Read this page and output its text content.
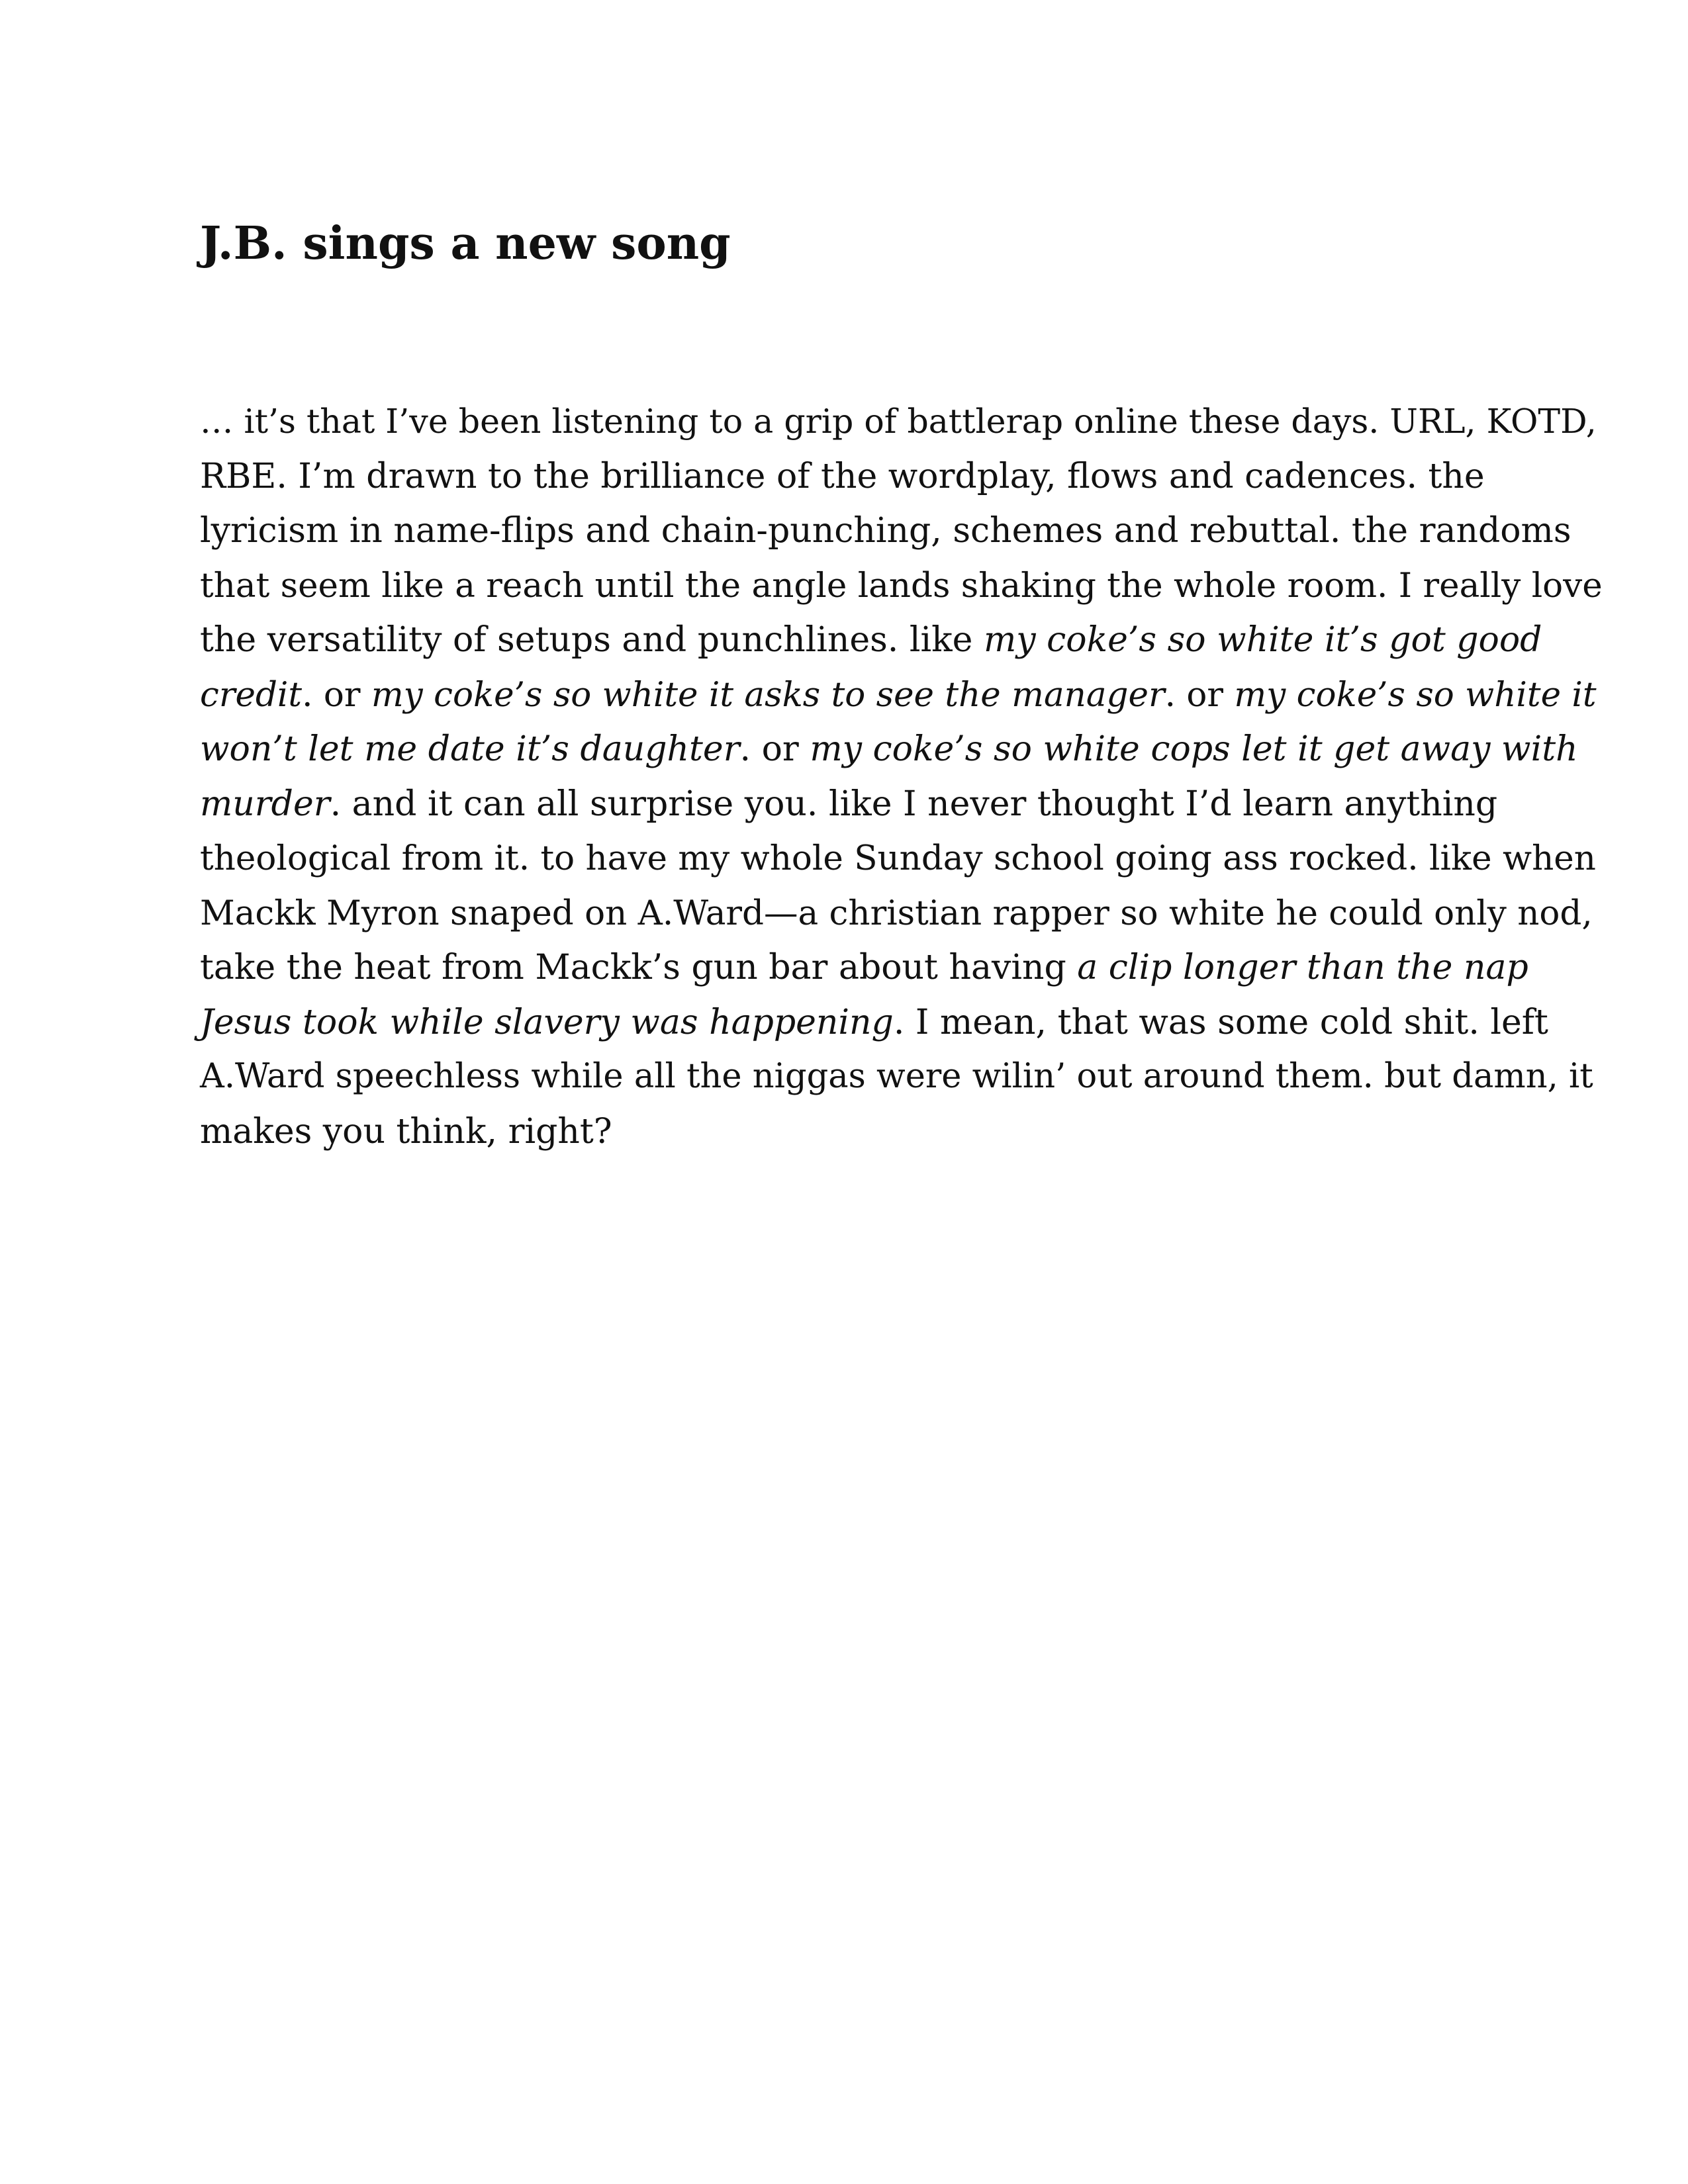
J.B. sings a new song
… it’s that I’ve been listening to a grip of battlerap online these days. URL, KOTD,
RBE. I’m drawn to the brilliance of the wordplay, flows and cadences. the
lyricism in name-flips and chain-punching, schemes and rebuttal. the randoms
that seem like a reach until the angle lands shaking the whole room. I really love
the versatility of setups and punchlines. like my coke’s so white it’s got good
credit. or my coke’s so white it asks to see the manager. or my coke’s so white it
won’t let me date it’s daughter. or my coke’s so white cops let it get away with
murder. and it can all surprise you. like I never thought I’d learn anything
theological from it. to have my whole Sunday school going ass rocked. like when
Mackk Myron snaped on A.Ward—a christian rapper so white he could only nod,
take the heat from Mackk’s gun bar about having a clip longer than the nap
Jesus took while slavery was happening. I mean, that was some cold shit. left
A.Ward speechless while all the niggas were wilin’ out around them. but damn, it
makes you think, right?
